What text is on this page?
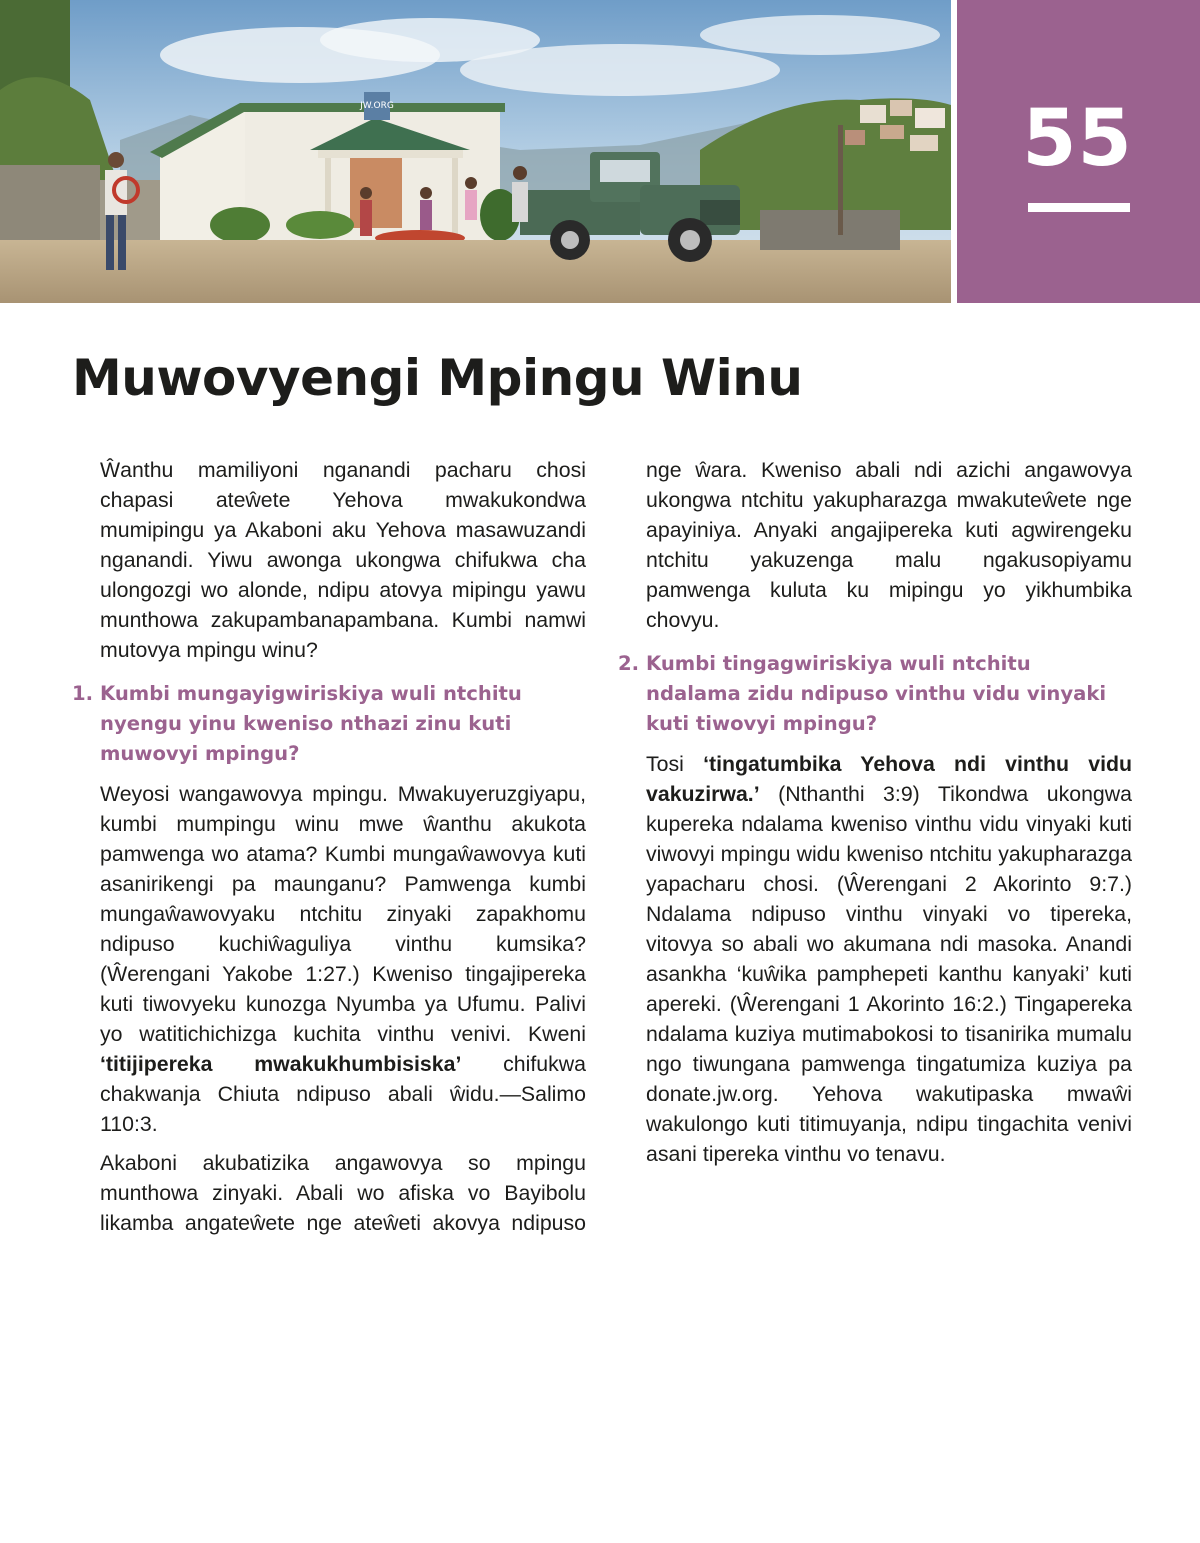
JW.ORG	55
Muwovyengi Mpingu Winu

Ŵanthu mamiliyoni nganandi pacharu chosi chapasi ateŵete Yehova mwakukondwa mumipingu ya Akaboni aku Yehova masawuzandi nganandi. Yiwu awonga ukongwa chifukwa cha ulongozgi wo alonde, ndipu atovya mipingu yawu munthowa zakupambanapambana. Kumbi namwi mutovya mpingu winu?

1. Kumbi mungayigwiriskiya wuli ntchitu nyengu yinu kweniso nthazi zinu kuti muwovyi mpingu?

Weyosi wangawovya mpingu. Mwakuyeruzgiyapu, kumbi mumpingu winu mwe ŵanthu akukota pamwenga wo atama? Kumbi mungaŵawovya kuti asanirikengi pa maunganu? Pamwenga kumbi mungaŵawovyaku ntchitu zinyaki zapakhomu ndipuso kuchiŵaguliya vinthu kumsika? (Ŵerengani Yakobe 1:27.) Kweniso tingajipereka kuti tiwovyeku kunozga Nyumba ya Ufumu. Palivi yo watitichichizga kuchita vinthu venivi. Kweni ‘titijipereka mwakukhumbisiska’ chifukwa chakwanja Chiuta ndipuso abali ŵidu.—Salimo 110:3.

Akaboni akubatizika angawovya so mpingu munthowa zinyaki. Abali wo afiska vo Bayibolu likamba angateŵete nge ateŵeti akovya ndipuso

nge ŵara. Kweniso abali ndi azichi angawovya ukongwa ntchitu yakupharazga mwakuteŵete nge apayiniya. Anyaki angajipereka kuti agwirengeku ntchitu yakuzenga malu ngakusopiyamu pamwenga kuluta ku mipingu yo yikhumbika chovyu.

2. Kumbi tingagwiriskiya wuli ntchitu ndalama zidu ndipuso vinthu vidu vinyaki kuti tiwovyi mpingu?

Tosi ‘tingatumbika Yehova ndi vinthu vidu vakuzirwa.’ (Nthanthi 3:9) Tikondwa ukongwa kupereka ndalama kweniso vinthu vidu vinyaki kuti viwovyi mpingu widu kweniso ntchitu yakupharazga yapacharu chosi. (Ŵerengani 2 Akorinto 9:7.) Ndalama ndipuso vinthu vinyaki vo tipereka, vitovya so abali wo akumana ndi masoka. Anandi asankha ‘kuŵika pamphepeti kanthu kanyaki’ kuti apereki. (Ŵerengani 1 Akorinto 16:2.) Tingapereka ndalama kuziya mutimabokosi to tisanirika mumalu ngo tiwungana pamwenga tingatumiza kuziya pa donate.jw.org. Yehova wakutipaska mwaŵi wakulongo kuti titimuyanja, ndipu tingachita venivi asani tipereka vinthu vo tenavu.
